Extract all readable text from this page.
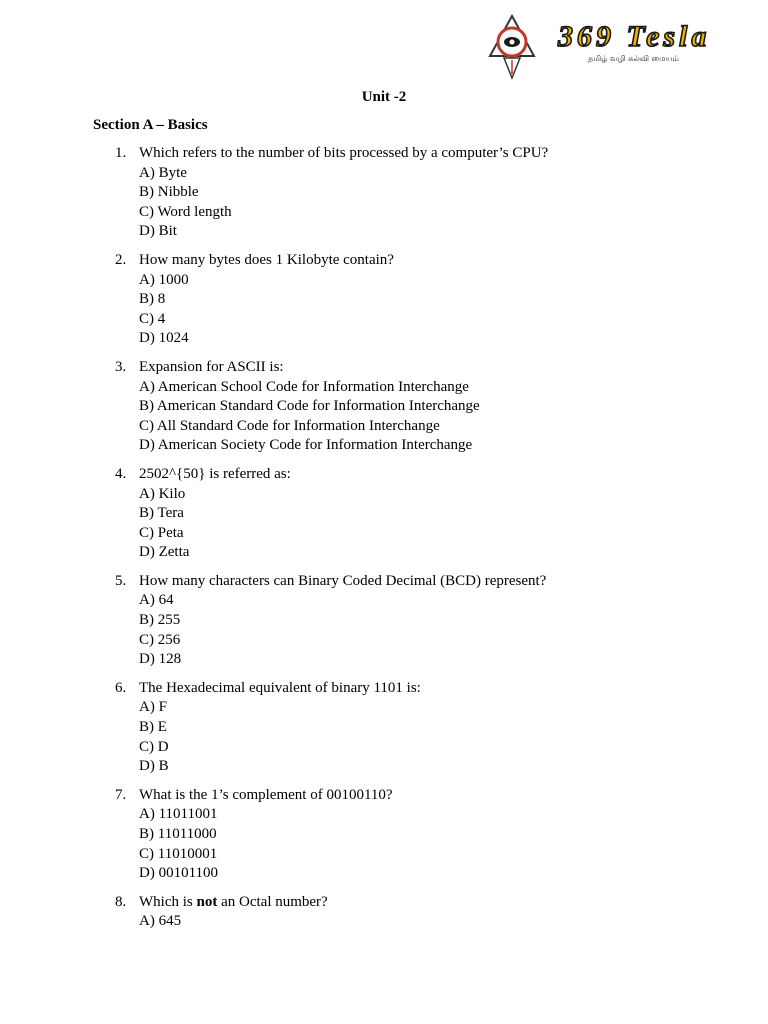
369 Tesla
தமிழ் வழி கல்வி மையம்
Unit -2
Section A – Basics
1. Which refers to the number of bits processed by a computer’s CPU?
A) Byte
B) Nibble
C) Word length
D) Bit
2. How many bytes does 1 Kilobyte contain?
A) 1000
B) 8
C) 4
D) 1024
3. Expansion for ASCII is:
A) American School Code for Information Interchange
B) American Standard Code for Information Interchange
C) All Standard Code for Information Interchange
D) American Society Code for Information Interchange
4. 2502^{50} is referred as:
A) Kilo
B) Tera
C) Peta
D) Zetta
5. How many characters can Binary Coded Decimal (BCD) represent?
A) 64
B) 255
C) 256
D) 128
6. The Hexadecimal equivalent of binary 1101 is:
A) F
B) E
C) D
D) B
7. What is the 1’s complement of 00100110?
A) 11011001
B) 11011000
C) 11010001
D) 00101100
8. Which is not an Octal number?
A) 645
